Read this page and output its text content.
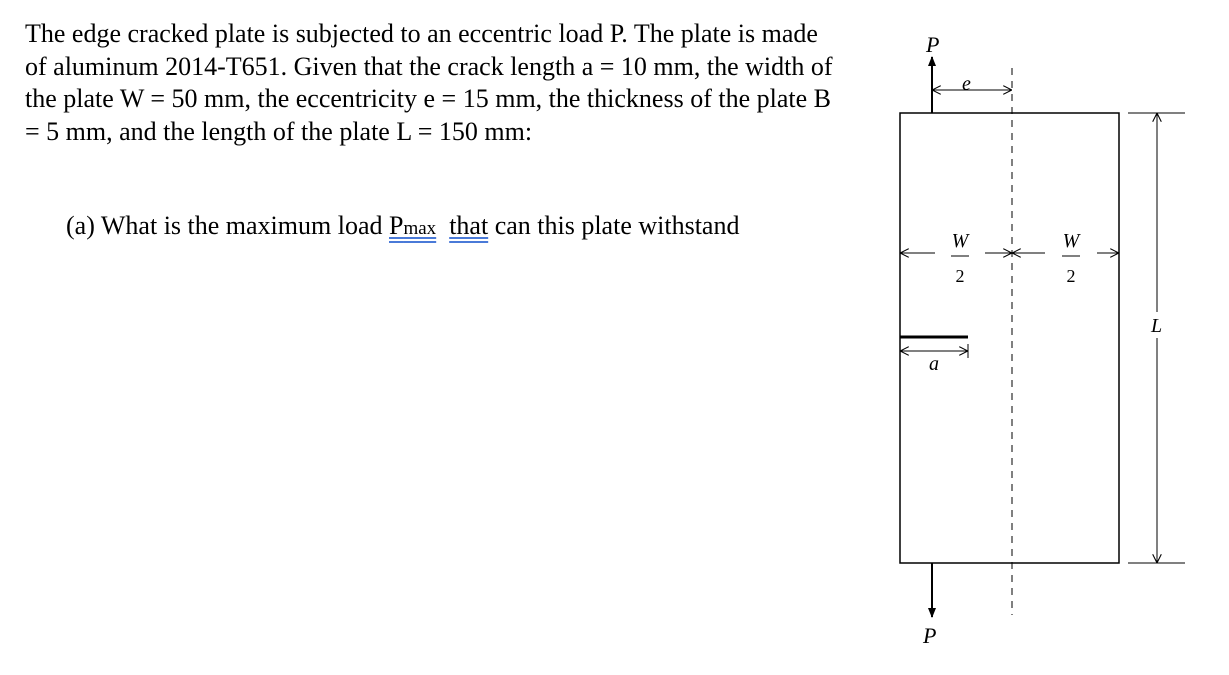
The edge cracked plate is subjected to an eccentric load P. The plate is made of aluminum 2014-T651. Given that the crack length a = 10 mm, the width of the plate W = 50 mm, the eccentricity e = 15 mm, the thickness of the plate B = 5 mm, and the length of the plate L = 150 mm:

(a) What is the maximum load Pmax that can this plate withstand
P
P
e
W
2
W
2
a
L
